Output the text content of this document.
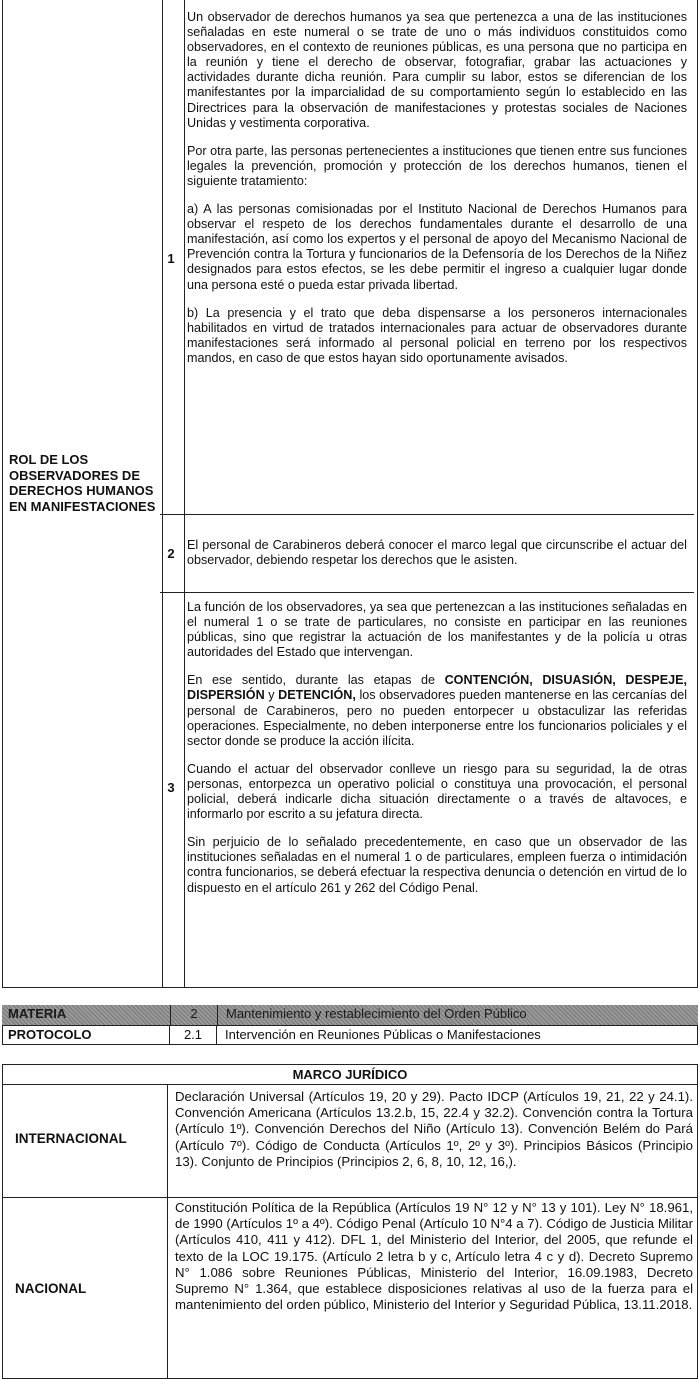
ROL DE LOS OBSERVADORES DE DERECHOS HUMANOS EN MANIFESTACIONES
1

Un observador de derechos humanos ya sea que pertenezca a una de las instituciones señaladas en este numeral o se trate de uno o más individuos constituidos como observadores, en el contexto de reuniones públicas, es una persona que no participa en la reunión y tiene el derecho de observar, fotografiar, grabar las actuaciones y actividades durante dicha reunión. Para cumplir su labor, estos se diferencian de los manifestantes por la imparcialidad de su comportamiento según lo establecido en las Directrices para la observación de manifestaciones y protestas sociales de Naciones Unidas y vestimenta corporativa.

Por otra parte, las personas pertenecientes a instituciones que tienen entre sus funciones legales la prevención, promoción y protección de los derechos humanos, tienen el siguiente tratamiento:

a) A las personas comisionadas por el Instituto Nacional de Derechos Humanos para observar el respeto de los derechos fundamentales durante el desarrollo de una manifestación, así como los expertos y el personal de apoyo del Mecanismo Nacional de Prevención contra la Tortura y funcionarios de la Defensoría de los Derechos de la Niñez designados para estos efectos, se les debe permitir el ingreso a cualquier lugar donde una persona esté o pueda estar privada libertad.

b) La presencia y el trato que deba dispensarse a los personeros internacionales habilitados en virtud de tratados internacionales para actuar de observadores durante manifestaciones será informado al personal policial en terreno por los respectivos mandos, en caso de que estos hayan sido oportunamente avisados.

2

El personal de Carabineros deberá conocer el marco legal que circunscribe el actuar del observador, debiendo respetar los derechos que le asisten.

3

La función de los observadores, ya sea que pertenezcan a las instituciones señaladas en el numeral 1 o se trate de particulares, no consiste en participar en las reuniones públicas, sino que registrar la actuación de los manifestantes y de la policía u otras autoridades del Estado que intervengan.

En ese sentido, durante las etapas de CONTENCIÓN, DISUASIÓN, DESPEJE, DISPERSIÓN y DETENCIÓN, los observadores pueden mantenerse en las cercanías del personal de Carabineros, pero no pueden entorpecer u obstaculizar las referidas operaciones. Especialmente, no deben interponerse entre los funcionarios policiales y el sector donde se produce la acción ilícita.

Cuando el actuar del observador conlleve un riesgo para su seguridad, la de otras personas, entorpezca un operativo policial o constituya una provocación, el personal policial, deberá indicarle dicha situación directamente o a través de altavoces, e informarlo por escrito a su jefatura directa.

Sin perjuicio de lo señalado precedentemente, en caso que un observador de las instituciones señaladas en el numeral 1 o de particulares, empleen fuerza o intimidación contra funcionarios, se deberá efectuar la respectiva denuncia o detención en virtud de lo dispuesto en el artículo 261 y 262 del Código Penal.

MATERIA	2	Mantenimiento y restablecimiento del Orden Público
PROTOCOLO	2.1	Intervención en Reuniones Públicas o Manifestaciones
MARCO JURÍDICO
INTERNACIONAL
Declaración Universal (Artículos 19, 20 y 29). Pacto IDCP (Artículos 19, 21, 22 y 24.1). Convención Americana (Artículos 13.2.b, 15, 22.4 y 32.2). Convención contra la Tortura (Artículo 1º). Convención Derechos del Niño (Artículo 13). Convención Belém do Pará (Artículo 7º). Código de Conducta (Artículos 1º, 2º y 3º). Principios Básicos (Principio 13). Conjunto de Principios (Principios 2, 6, 8, 10, 12, 16,).
NACIONAL
Constitución Política de la República (Artículos 19 N° 12 y N° 13 y 101). Ley N° 18.961, de 1990 (Artículos 1º a 4º). Código Penal (Artículo 10 N°4 a 7). Código de Justicia Militar (Artículos 410, 411 y 412). DFL 1, del Ministerio del Interior, del 2005, que refunde el texto de la LOC 19.175. (Artículo 2 letra b y c, Artículo letra 4 c y d). Decreto Supremo N° 1.086 sobre Reuniones Públicas, Ministerio del Interior, 16.09.1983, Decreto Supremo N° 1.364, que establece disposiciones relativas al uso de la fuerza para el mantenimiento del orden público, Ministerio del Interior y Seguridad Pública, 13.11.2018.
